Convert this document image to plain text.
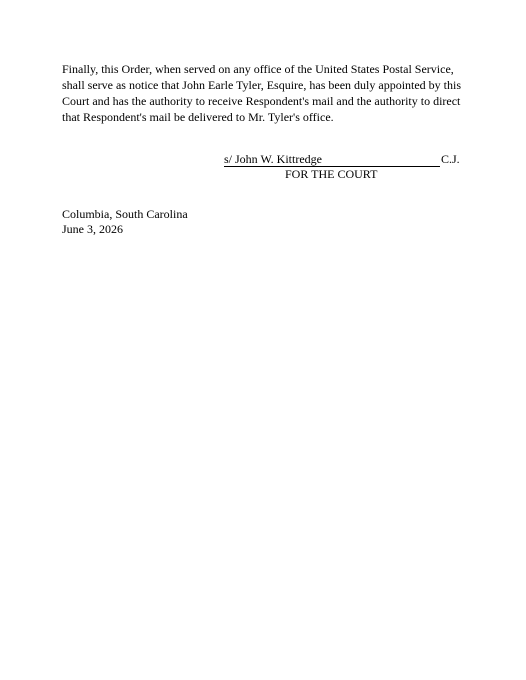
Finally, this Order, when served on any office of the United States Postal Service,
shall serve as notice that John Earle Tyler, Esquire, has been duly appointed by this
Court and has the authority to receive Respondent's mail and the authority to direct
that Respondent's mail be delivered to Mr. Tyler's office.
s/ John W. Kittredge	C.J.
FOR THE COURT
Columbia, South Carolina
June 3, 2026
